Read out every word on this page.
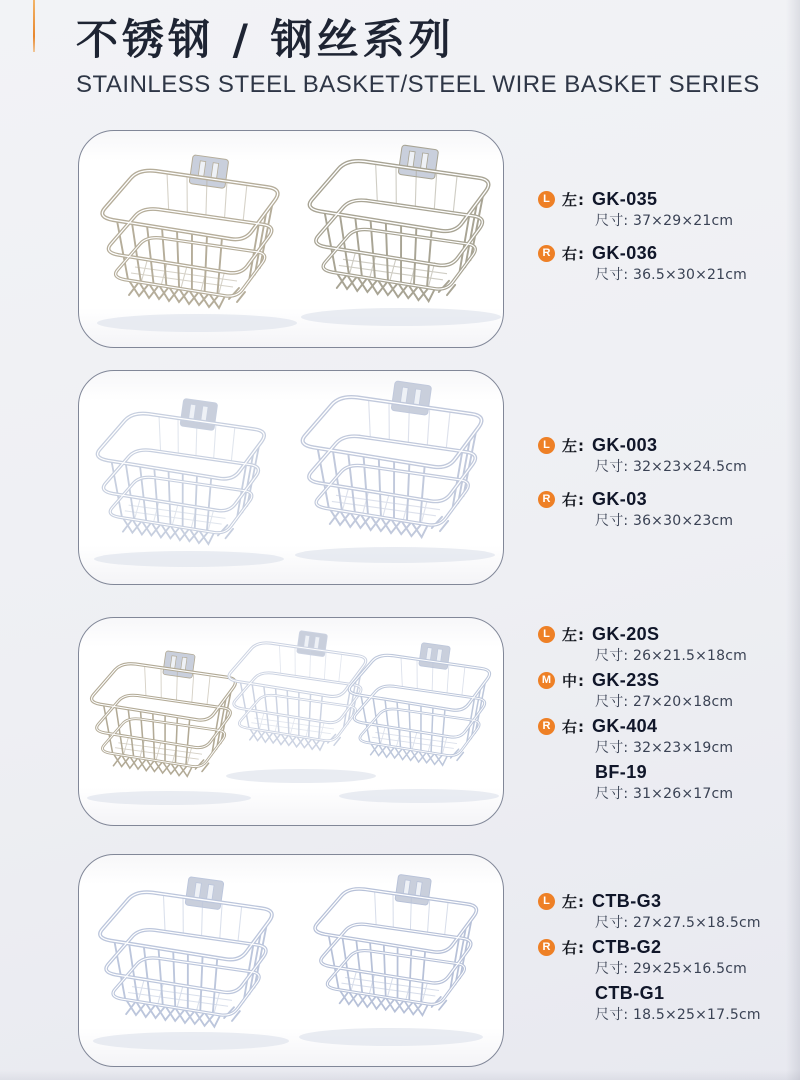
不锈钢 / 钢丝系列
STAINLESS STEEL BASKET/STEEL WIRE BASKET SERIES
L 左: GK-035
尺寸: 37×29×21cm
R 右: GK-036
尺寸: 36.5×30×21cm
L 左: GK-003
尺寸: 32×23×24.5cm
R 右: GK-03
尺寸: 36×30×23cm
L 左: GK-20S
尺寸: 26×21.5×18cm
M 中: GK-23S
尺寸: 27×20×18cm
R 右: GK-404
尺寸: 32×23×19cm
BF-19
尺寸: 31×26×17cm
L 左: CTB-G3
尺寸: 27×27.5×18.5cm
R 右: CTB-G2
尺寸: 29×25×16.5cm
CTB-G1
尺寸: 18.5×25×17.5cm
